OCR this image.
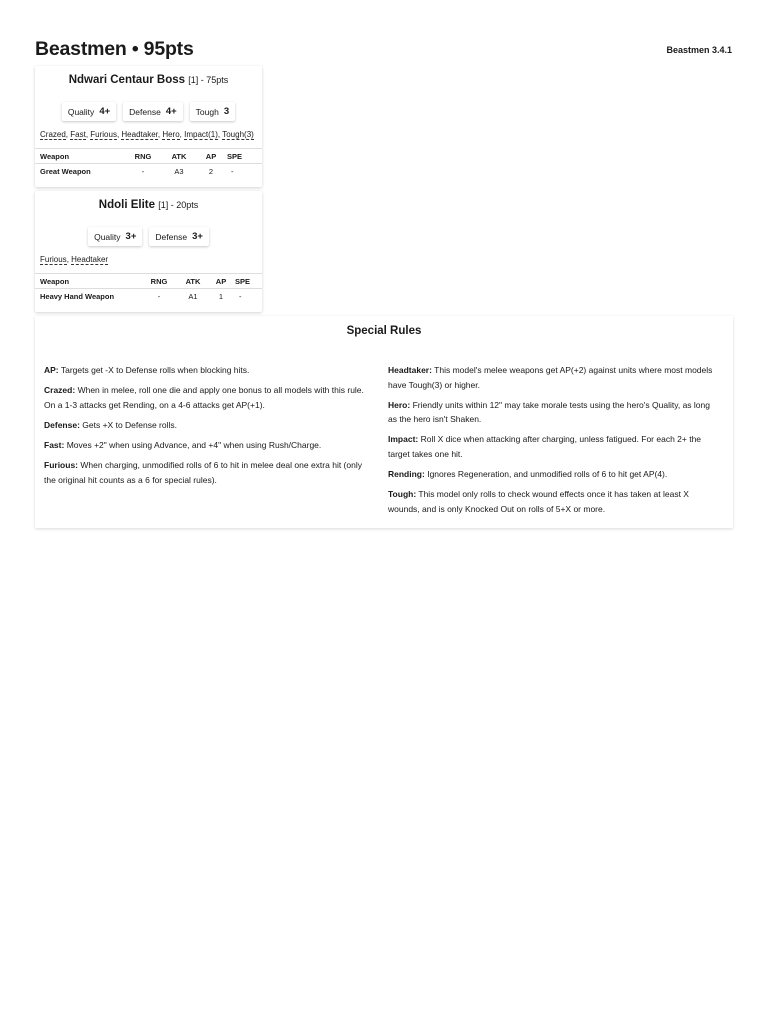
Beastmen • 95pts	Beastmen 3.4.1
Ndwari Centaur Boss [1] - 75pts
Quality 4+ Defense 4+ Tough 3
Crazed, Fast, Furious, Headtaker, Hero, Impact(1), Tough(3)
Weapon	RNG	ATK	AP	SPE
Great Weapon	-	A3	2	-
Ndoli Elite [1] - 20pts
Quality 3+ Defense 3+
Furious, Headtaker
Weapon	RNG	ATK	AP	SPE
Heavy Hand Weapon	-	A1	1	-
Special Rules
AP: Targets get -X to Defense rolls when blocking hits.
Crazed: When in melee, roll one die and apply one bonus to all models with this rule. On a 1-3 attacks get Rending, on a 4-6 attacks get AP(+1).
Defense: Gets +X to Defense rolls.
Fast: Moves +2" when using Advance, and +4" when using Rush/Charge.
Furious: When charging, unmodified rolls of 6 to hit in melee deal one extra hit (only the original hit counts as a 6 for special rules).
Headtaker: This model's melee weapons get AP(+2) against units where most models have Tough(3) or higher.
Hero: Friendly units within 12" may take morale tests using the hero's Quality, as long as the hero isn't Shaken.
Impact: Roll X dice when attacking after charging, unless fatigued. For each 2+ the target takes one hit.
Rending: Ignores Regeneration, and unmodified rolls of 6 to hit get AP(4).
Tough: This model only rolls to check wound effects once it has taken at least X wounds, and is only Knocked Out on rolls of 5+X or more.
